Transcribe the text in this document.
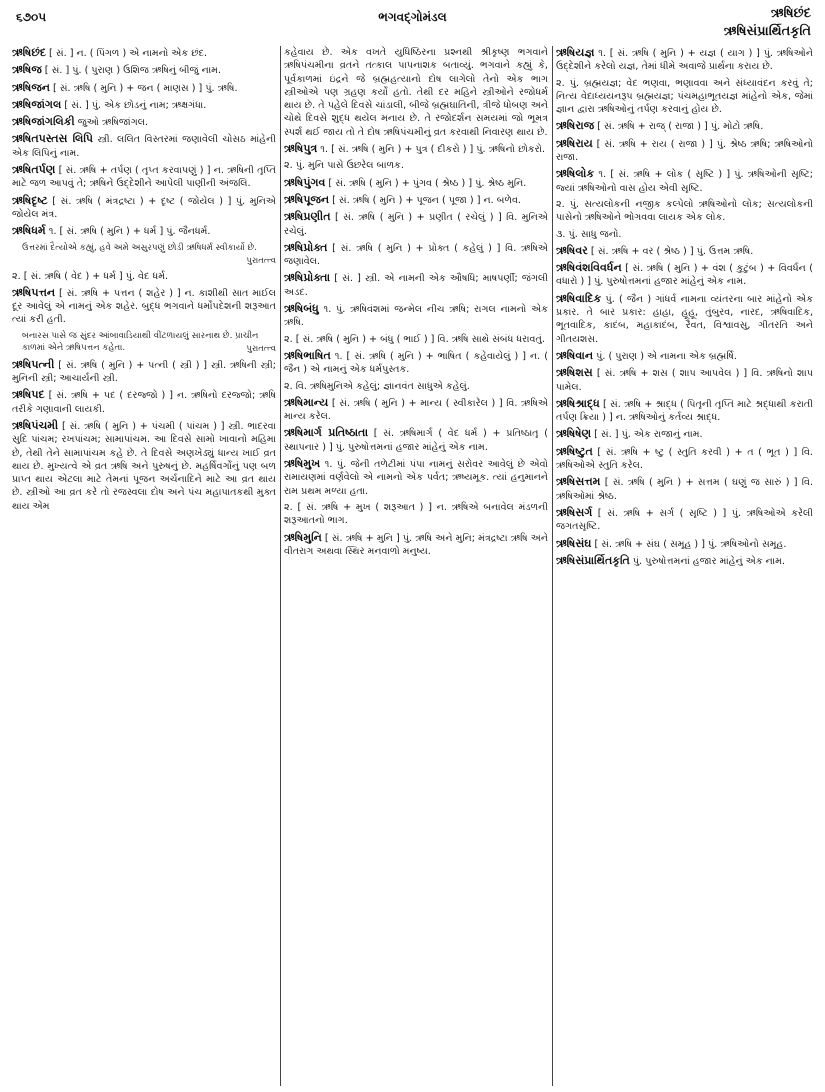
૬૭૦૫	ભગવદ્ગોમંડલ	ઋષિછંદ
ઋષિસંપ્રાર્થિતકૃતિ
ઋષિછંદ [ સં. ] ન. ( પિંગળ ) એ નામનો એક છંદ.
ઋષિજ [ સં. ] પું. ( પુરાણ ) ઉશિજ ઋષિનું બીજું નામ.
ઋષિજન [ સં. ઋષિ ( મુનિ ) + જન ( માણસ ) ] પું. ઋષિ.
ઋષિજાંગલ [ સં. ] પું. એક છોડનું નામ; ઋક્ષગંધા.
ઋષિજાંગલિકી જુઓ ઋષિજાંગલ.
ઋષિતપસ્તસ લિપિ સ્ત્રી. લલિત વિસ્તરમાં જણાવેલી ચોસઠ માંહેની એક લિપિનું નામ.
ઋષિતર્પણ [ સં. ઋષિ + તર્પણ ( તૃપ્ત કરવાપણું ) ] ન. ઋષિની તૃપ્તિ માટે જળ આપવું તે; ઋષિને ઉદ્દેશીને આપેલી પાણીની અંજલિ.
ઋષિદૃષ્ટ [ સં. ઋષિ ( મંત્રદ્રષ્ટા ) + દૃષ્ટ ( જોયેલ ) ] પું. મુનિએ જોયેલ મંત્ર.
ઋષિધર્મ ૧. [ સં. ઋષિ ( મુનિ ) + ધર્મ ] પું. જૈનધર્મ.
ઉત્તરમાં દૈત્યોએ કહ્યું, હવે અમે અસુરપણું છોડી ઋષિધર્મ સ્વીકાર્યો છે.
પુરાતત્ત્વ
૨. [ સં. ઋષિ ( વેદ ) + ધર્મ ] પું. વેદ ધર્મ.
ઋષિપત્તન [ સં. ઋષિ + પત્તન ( શહેર ) ] ન. કાશીથી સાત માઈલ દૂર આવેલું એ નામનું એક શહેર. બુદ્ધ ભગવાને ધર્મોપદેશની શરૂઆત ત્યાં કરી હતી.
બનારસ પાસે જ સુંદર આંબાવાડિયાથી વીંટળાયલું સારનાથ છે. પ્રાચીન કાળમાં એને ઋષિપત્તન કહેતા.	પુરાતત્ત્વ
ઋષિપત્ની [ સં. ઋષિ ( મુનિ ) + પત્ની ( સ્ત્રી ) ] સ્ત્રી. ઋષિની સ્ત્રી; મુનિની સ્ત્રી; આચાર્યની સ્ત્રી.
ઋષિપદ [ સં. ઋષિ + પદ ( દરજ્જો ) ] ન. ઋષિનો દરજ્જો; ઋષિ તરીકે ગણાવાની લાયકી.
ઋષિપંચમી [ સં. ઋષિ ( મુનિ ) + પંચમી ( પાંચમ ) ] સ્ત્રી. ભાદરવા સુદિ પાંચમ; રખપાંચમ; સામાપાંચમ. આ દિવસે સામો ખાવાનો મહિમા છે, તેથી તેને સામાપાંચમ કહે છે. તે દિવસે અણખેડ્યું ધાન્ય ખાઈ વ્રત થાય છે. મુખ્યત્વે એ વ્રત ઋષિ અને પુરુષનું છે. મહર્ષિવર્ગોનું પણ બળ પ્રાપ્ત થાય એટલા માટે તેમનાં પૂજન અર્ચનાદિને માટે આ વ્રત થાય છે. સ્ત્રીઓ આ વ્રત કરે તો રજસ્વલા દોષ અને પંચ મહાપાતકથી મુક્ત થાય એમ
કહેવાય છે. એક વખતે યુધિષ્ઠિરના પ્રશ્નથી શ્રીકૃષ્ણ ભગવાને ઋષિપંચમીના વ્રતને તત્કાલ પાપનાશક બતાવ્યું. ભગવાને કહ્યું કે, પૂર્વકાળમાં ઇંદ્રને જે બ્રહ્મહત્યાનો દોષ લાગેલો તેનો એક ભાગ સ્ત્રીઓએ પણ ગ્રહણ કર્યો હતો. તેથી દર મહિને સ્ત્રીઓને રજોધર્મ થાય છે. તે પહેલે દિવસે ચાંડાલી, બીજે બ્રહ્મઘાતિની, ત્રીજે ધોબણ અને ચોથે દિવસે શુદ્ધ થયેલ મનાય છે. તે રજોદર્શન સમયમાં જો ભૂમત્ર સ્પર્શ થઈ જાય તો તે દોષ ઋષિપંચમીનું વ્રત કરવાથી નિવારણ થાય છે.
ઋષિપુત્ર ૧. [ સં. ઋષિ ( મુનિ ) + પુત્ર ( દીકરો ) ] પું. ઋષિનો છોકરો.
૨. પું. મુનિ પાસે ઉછરેલ બાળક.
ઋષિપુંગવ [ સં. ઋષિ ( મુનિ ) + પુંગવ ( શ્રેષ્ઠ ) ] પું. શ્રેષ્ઠ મુનિ.
ઋષિપૂજન [ સં. ઋષિ ( મુનિ ) + પૂજન ( પૂજા ) ] ન. બળેવ.
ઋષિપ્રણીત [ સં. ઋષિ ( મુનિ ) + પ્રણીત ( રચેલું ) ] વિ. મુનિએ રચેલું.
ઋષિપ્રોક્ત [ સં. ઋષિ ( મુનિ ) + પ્રોક્ત ( કહેલું ) ] વિ. ઋષિએ જણાવેલ.
ઋષિપ્રોક્તા [ સં. ] સ્ત્રી. એ નામની એક ઔષધિ; માષપર્ણી; જંગલી અડદ.
ઋષિબંધુ ૧. પું. ઋષિવંશમાં જન્મેલ નીચ ઋષિ; રાગલ નામનો એક ઋષિ.
૨. [ સં. ઋષિ ( મુનિ ) + બંધુ ( ભાઈ ) ] વિ. ઋષિ સાથે સંબંધ ધરાવતું.
ઋષિભાષિત ૧. [ સં. ઋષિ ( મુનિ ) + ભાષિત ( કહેવાયેલું ) ] ન. ( જૈન ) એ નામનું એક ધર્મપુસ્તક.
૨. વિ. ઋષિમુનિએ કહેલું; જ્ઞાનવંત સાધુએ કહેલું.
ઋષિમાન્ય [ સં. ઋષિ ( મુનિ ) + માન્ય ( સ્વીકારેલ ) ] વિ. ઋષિએ માન્ય કરેલ.
ઋષિમાર્ગ પ્રતિષ્ઠાતા [ સં. ઋષિમાર્ગ ( વેદ ધર્મ ) + પ્રતિષ્ઠાતૃ ( સ્થાપનાર ) ] પું. પુરુષોત્તમનાં હજાર માંહેનું એક નામ.
ઋષિમુખ ૧. પું. જેની તળેટીમાં પંપા નામનું સરોવર આવેલું છે એવો રામાયણમાં વર્ણવેલો એ નામનો એક પર્વત; ઋષ્યમૂક. ત્યાં હનુમાનને રામ પ્રથમ મળ્યા હતા.
૨. [ સં. ઋષિ + મુખ ( શરૂઆત ) ] ન. ઋષિએ બનાવેલ મંડળની શરૂઆતનો ભાગ.
ઋષિમુનિ [ સં. ઋષિ + મુનિ ] પું. ઋષિ અને મુનિ; મંત્રદ્રષ્ટા ઋષિ અને વીતરાગ અથવા સ્થિર મનવાળો મનુષ્ય.
ઋષિયજ્ઞ ૧. [ સં. ઋષિ ( મુનિ ) + યજ્ઞ ( યાગ ) ] પું. ઋષિઓને ઉદ્દેશીને કરેલો યજ્ઞ, તેમાં ધીમે અવાજે પ્રાર્થના કરાય છે.
૨. પું. બ્રહ્મયજ્ઞ; વેદ ભણવા, ભણાવવા અને સંધ્યાવંદન કરવું તે; નિત્ય વેદાધ્યયનરૂપ બ્રહ્મયજ્ઞ; પંચમહાભૂતયજ્ઞ માંહેનો એક, જેમાં જ્ઞાન દ્વારા ઋષિઓનું તર્પણ કરવાનું હોય છે.
ઋષિરાજ [ સં. ઋષિ + રાજ્ ( રાજા ) ] પું. મોટો ઋષિ.
ઋષિરાય [ સં. ઋષિ + રાય ( રાજા ) ] પું. શ્રેષ્ઠ ઋષિ; ઋષિઓનો રાજા.
ઋષિલોક ૧. [ સં. ઋષિ + લોક ( સૃષ્ટિ ) ] પું. ઋષિઓની સૃષ્ટિ; જ્યાં ઋષિઓનો વાસ હોય એવી સૃષ્ટિ.
૨. પું. સત્યલોકની નજીક કલ્પેલો ઋષિઓનો લોક; સત્યલોકની પાસેનો ઋષિઓને ભોગવવા લાયક એક લોક.
૩. પું. સાધુ જનો.
ઋષિવર [ સં. ઋષિ + વર ( શ્રેષ્ઠ ) ] પું. ઉત્તમ ઋષિ.
ઋષિવંશવિવર્ધન [ સં. ઋષિ ( મુનિ ) + વંશ ( કુટુંબ ) + વિવર્ધન ( વધારો ) ] પું. પુરુષોત્તમનાં હજાર માંહેનું એક નામ.
ઋષિવાદિક પું. ( જૈન ) ગાંધર્વ નામના વ્યંતરના બાર માંહેનો એક પ્રકાર. તે બાર પ્રકાર: હાહા, હૂહૂ, તુંબુરવ, નારદ, ઋષિવાદિક, ભૂતવાદિક, કાદંબ, મહાકાદંબ, રૈવત, વિશ્વાવસુ, ગીતરતિ અને ગીતયશસ.
ઋષિવાન પું. ( પુરાણ ) એ નામના એક બ્રહ્મર્ષિ.
ઋષિશસ [ સં. ઋષિ + શસ ( શાપ આપવેલ ) ] વિ. ઋષિનો શાપ પામેલ.
ઋષિશ્રાદ્ધ [ સં. ઋષિ + શ્રાદ્ધ ( પિતૃની તૃપ્તિ માટે શ્રદ્ધાથી કરાતી તર્પણ ક્રિયા ) ] ન. ઋષિઓનું કર્તવ્ય શ્રાદ્ધ.
ઋષિષેણ [ સં. ] પું. એક રાજાનું નામ.
ઋષિષ્ટુત [ સં. ઋષિ + ષ્ટુ ( સ્તુતિ કરવી ) + ત ( ભૂત ) ] વિ. ઋષિઓએ સ્તુતિ કરેલ.
ઋષિસત્તમ [ સં. ઋષિ ( મુનિ ) + સત્તમ ( ઘણું જ સારું ) ] વિ. ઋષિઓમાં શ્રેષ્ઠ.
ઋષિસર્ગ [ સં. ઋષિ + સર્ગ ( સૃષ્ટિ ) ] પું. ઋષિઓએ કરેલી જગતસૃષ્ટિ.
ઋષિસંઘ [ સં. ઋષિ + સંઘ ( સમૂહ ) ] પું. ઋષિઓનો સમૂહ.
ઋષિસંપ્રાર્થિતકૃતિ પું. પુરુષોત્તમનાં હજાર માંહેનું એક નામ.
